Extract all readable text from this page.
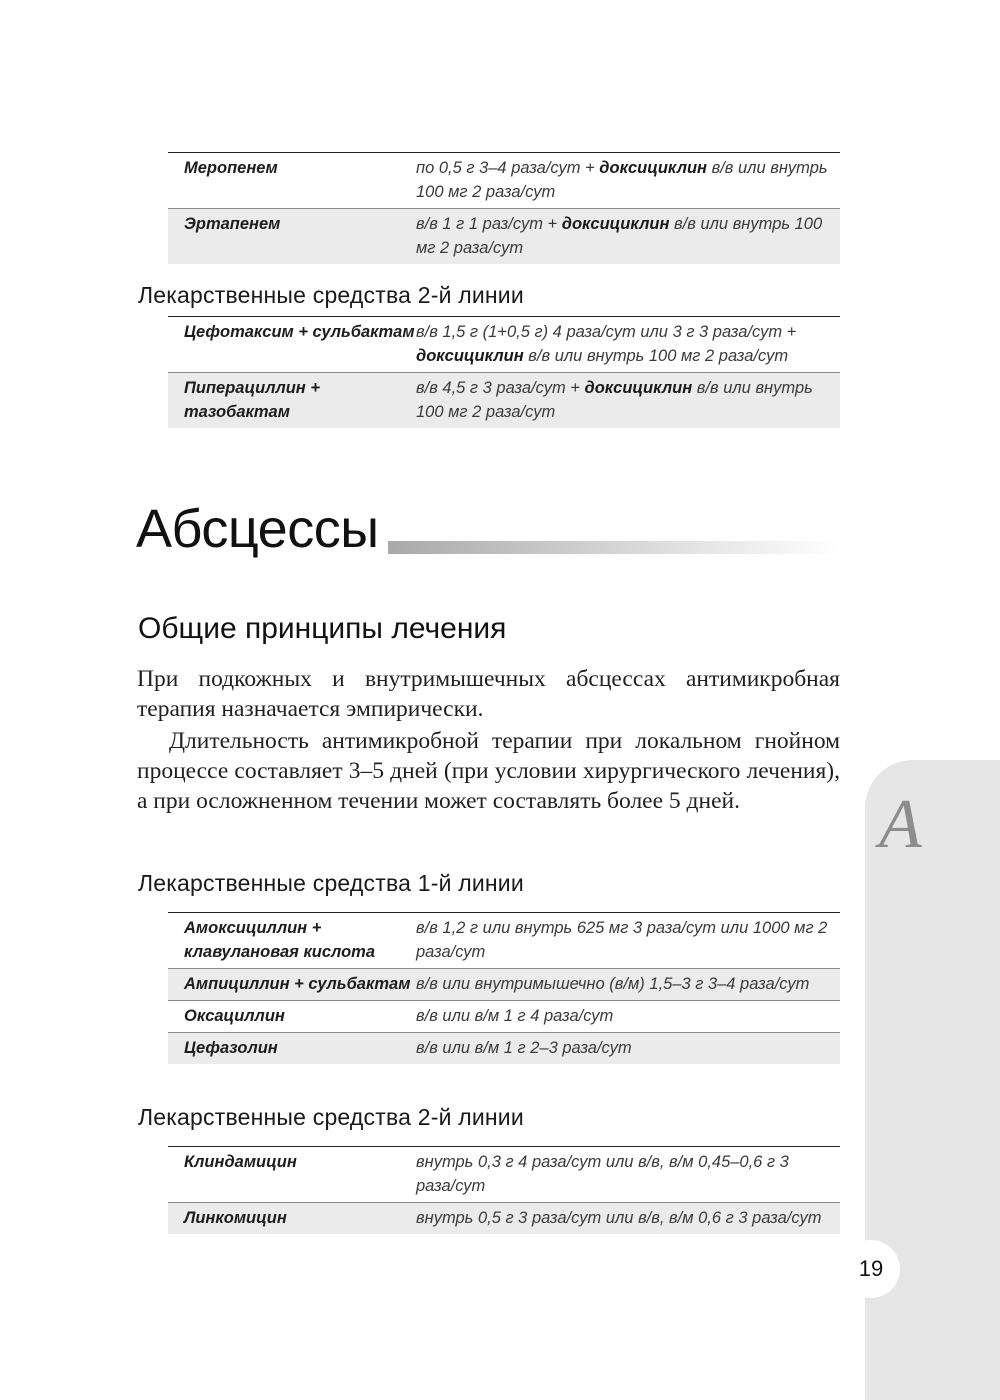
А
19
Меропенем	по 0,5 г 3–4 раза/сут + доксициклин в/в или внутрь 100 мг 2 раза/сут
Эртапенем	в/в 1 г 1 раз/сут + доксициклин в/в или внутрь 100 мг 2 раза/сут
Лекарственные средства 2-й линии
Цефотаксим + сульбактам	в/в 1,5 г (1+0,5 г) 4 раза/сут или 3 г 3 раза/сут + доксициклин в/в или внутрь 100 мг 2 раза/сут
Пиперациллин + тазобактам	в/в 4,5 г 3 раза/сут + доксициклин в/в или внутрь 100 мг 2 раза/сут
Абсцессы
Общие принципы лечения

При подкожных и внутримышечных абсцессах антимикробная терапия назначается эмпирически.

Длительность антимикробной терапии при локальном гнойном процессе составляет 3–5 дней (при условии хирургического лечения), а при осложненном течении может составлять более 5 дней.

Лекарственные средства 1-й линии
Амоксициллин + клавулановая кислота	в/в 1,2 г или внутрь 625 мг 3 раза/сут или 1000 мг 2 раза/сут
Ампициллин + сульбактам	в/в или внутримышечно (в/м) 1,5–3 г 3–4 раза/сут
Оксациллин	в/в или в/м 1 г 4 раза/сут
Цефазолин	в/в или в/м 1 г 2–3 раза/сут
Лекарственные средства 2-й линии
Клиндамицин	внутрь 0,3 г 4 раза/сут или в/в, в/м 0,45–0,6 г 3 раза/сут
Линкомицин	внутрь 0,5 г 3 раза/сут или в/в, в/м 0,6 г 3 раза/сут
